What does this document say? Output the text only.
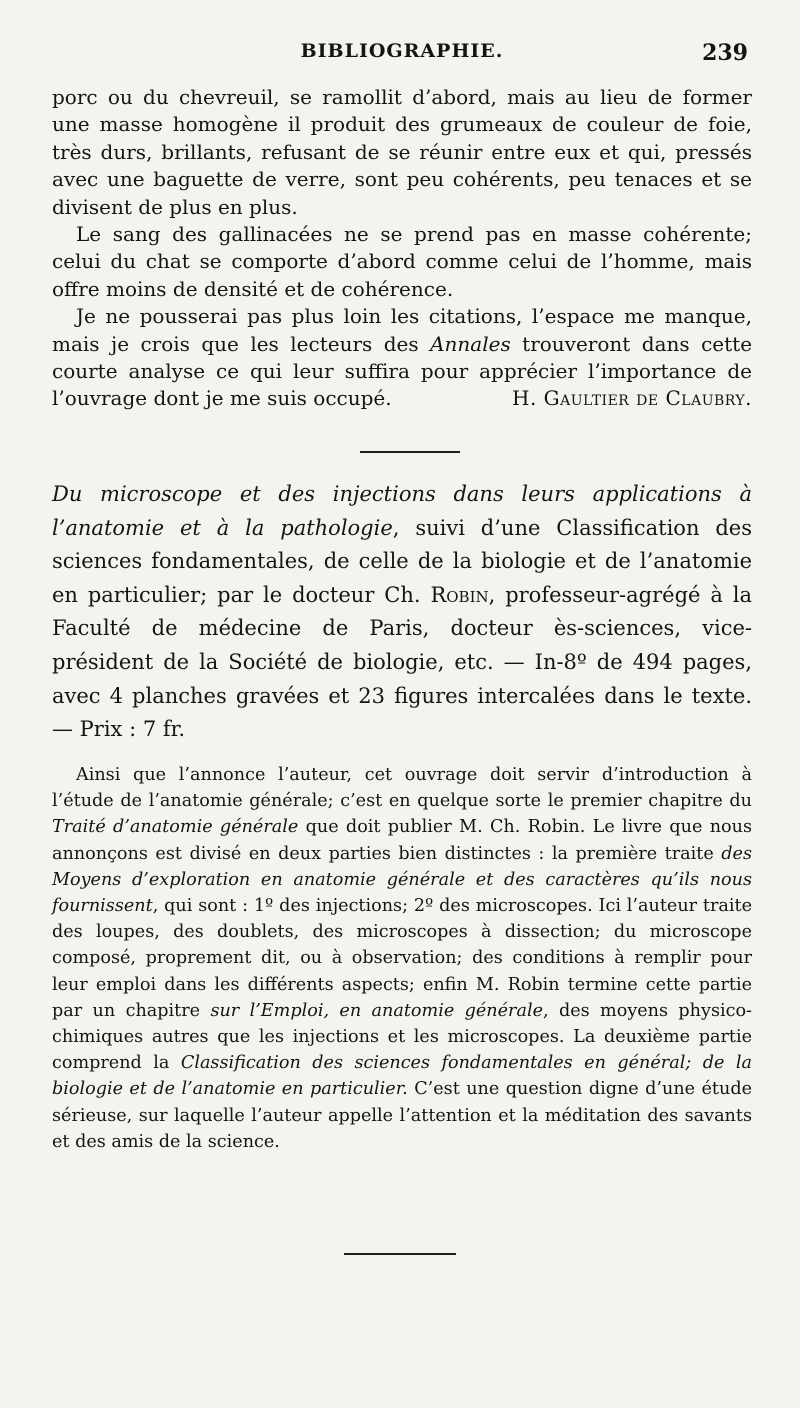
BIBLIOGRAPHIE.	239

porc ou du chevreuil, se ramollit d’abord, mais au lieu de former une masse homogène il produit des grumeaux de couleur de foie, très durs, brillants, refusant de se réunir entre eux et qui, pressés avec une baguette de verre, sont peu cohérents, peu tenaces et se divisent de plus en plus.

Le sang des gallinacées ne se prend pas en masse cohérente; celui du chat se comporte d’abord comme celui de l’homme, mais offre moins de densité et de cohérence.

Je ne pousserai pas plus loin les citations, l’espace me manque, mais je crois que les lecteurs des Annales trouveront dans cette courte analyse ce qui leur suffira pour apprécier l’importance de l’ouvrage dont je me suis occupé.	H. Gaultier de Claubry.

Du microscope et des injections dans leurs applications à l’anatomie et à la pathologie, suivi d’une Classification des sciences fondamentales, de celle de la biologie et de l’anatomie en particulier; par le docteur Ch. Robin, professeur-agrégé à la Faculté de médecine de Paris, docteur ès-sciences, vice-président de la Société de biologie, etc. — In-8º de 494 pages, avec 4 planches gravées et 23 figures intercalées dans le texte. — Prix : 7 fr.

Ainsi que l’annonce l’auteur, cet ouvrage doit servir d’introduction à l’étude de l’anatomie générale; c’est en quelque sorte le premier chapitre du Traité d’anatomie générale que doit publier M. Ch. Robin. Le livre que nous annonçons est divisé en deux parties bien distinctes : la première traite des Moyens d’exploration en anatomie générale et des caractères qu’ils nous fournissent, qui sont : 1º des injections; 2º des microscopes. Ici l’auteur traite des loupes, des doublets, des microscopes à dissection; du microscope composé, proprement dit, ou à observation; des conditions à remplir pour leur emploi dans les différents aspects; enfin M. Robin termine cette partie par un chapitre sur l’Emploi, en anatomie générale, des moyens physico-chimiques autres que les injections et les microscopes. La deuxième partie comprend la Classification des sciences fondamentales en général; de la biologie et de l’anatomie en particulier. C’est une question digne d’une étude sérieuse, sur laquelle l’auteur appelle l’attention et la méditation des savants et des amis de la science.
